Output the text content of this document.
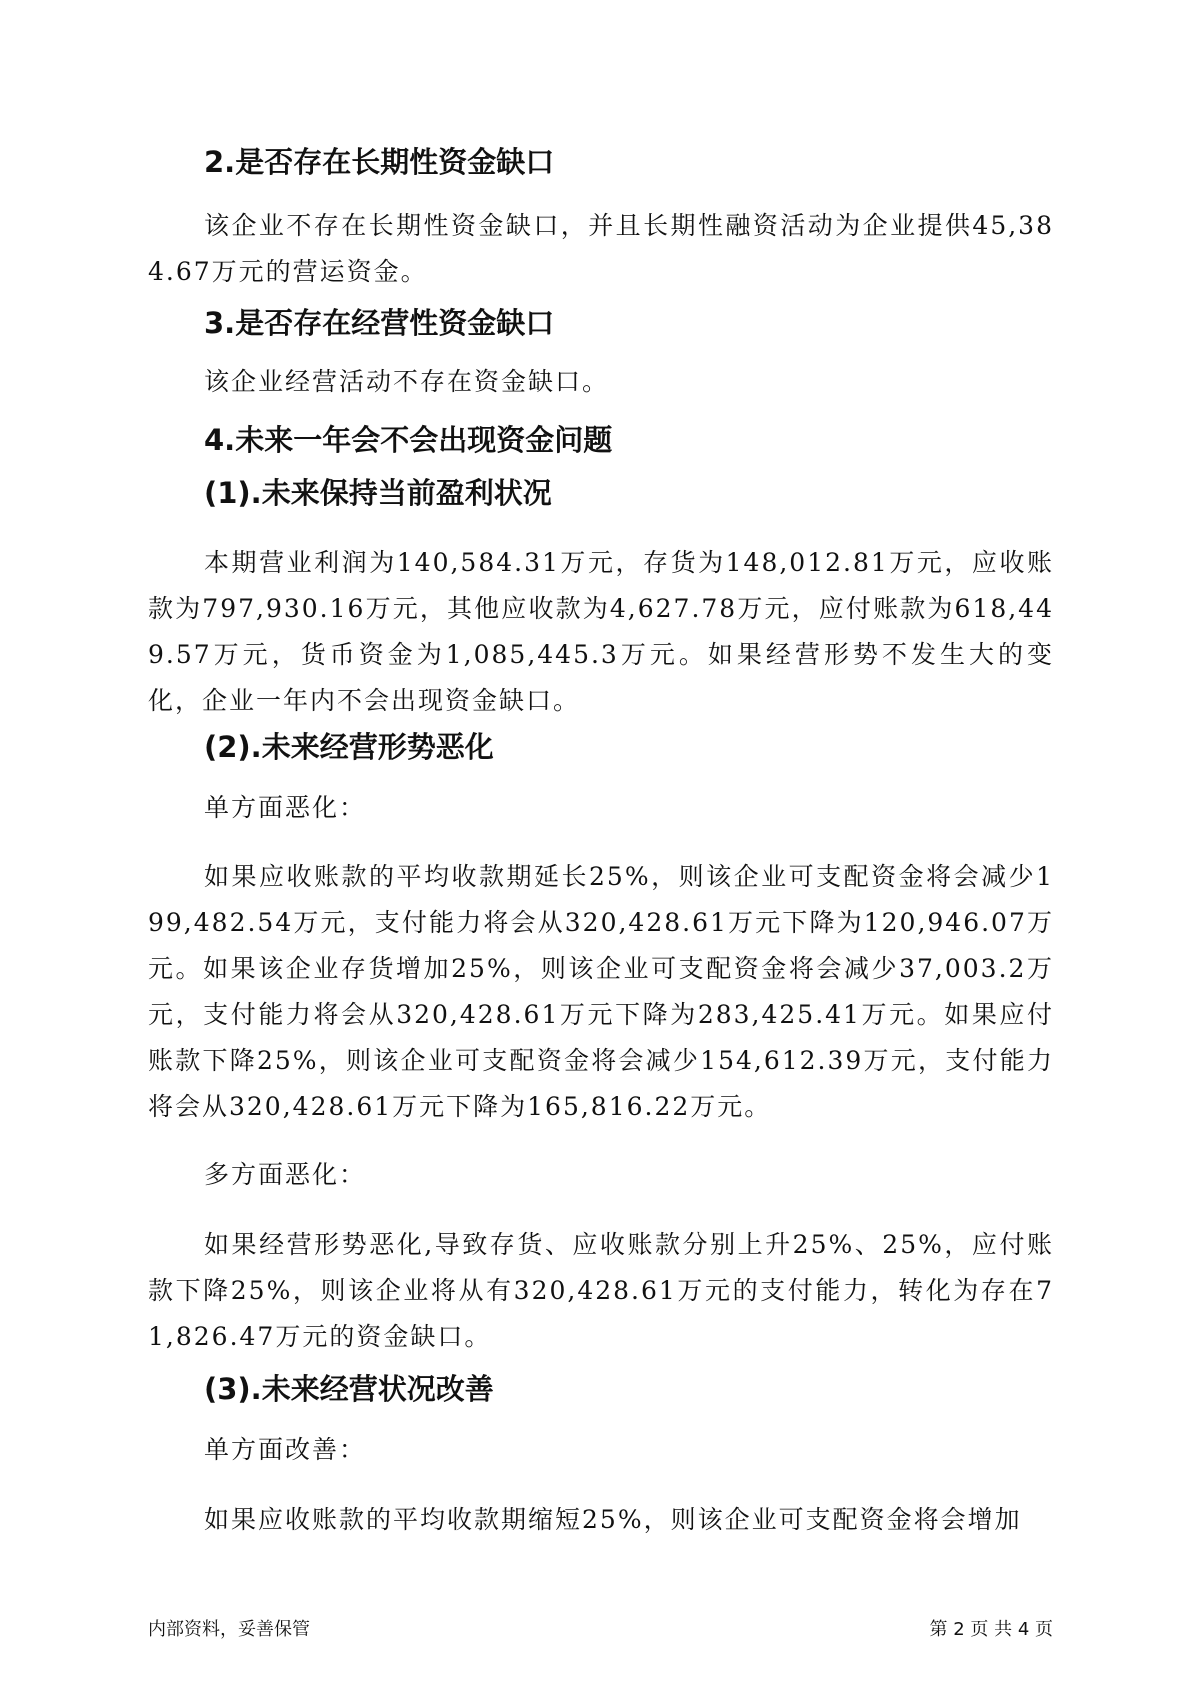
2.是否存在长期性资金缺口

该企业不存在长期性资金缺口，并且长期性融资活动为企业提供45,384.67万元的营运资金。

3.是否存在经营性资金缺口

该企业经营活动不存在资金缺口。

4.未来一年会不会出现资金问题
(1).未来保持当前盈利状况

本期营业利润为140,584.31万元，存货为148,012.81万元，应收账款为797,930.16万元，其他应收款为4,627.78万元，应付账款为618,449.57万元，货币资金为1,085,445.3万元。如果经营形势不发生大的变化，企业一年内不会出现资金缺口。

(2).未来经营形势恶化

单方面恶化：

如果应收账款的平均收款期延长25%，则该企业可支配资金将会减少199,482.54万元，支付能力将会从320,428.61万元下降为120,946.07万元。如果该企业存货增加25%，则该企业可支配资金将会减少37,003.2万元，支付能力将会从320,428.61万元下降为283,425.41万元。如果应付账款下降25%，则该企业可支配资金将会减少154,612.39万元，支付能力将会从320,428.61万元下降为165,816.22万元。

多方面恶化：

如果经营形势恶化,导致存货、应收账款分别上升25%、25%，应付账款下降25%，则该企业将从有320,428.61万元的支付能力，转化为存在71,826.47万元的资金缺口。

(3).未来经营状况改善

单方面改善：

如果应收账款的平均收款期缩短25%，则该企业可支配资金将会增加

内部资料，妥善保管	第 2 页 共 4 页
